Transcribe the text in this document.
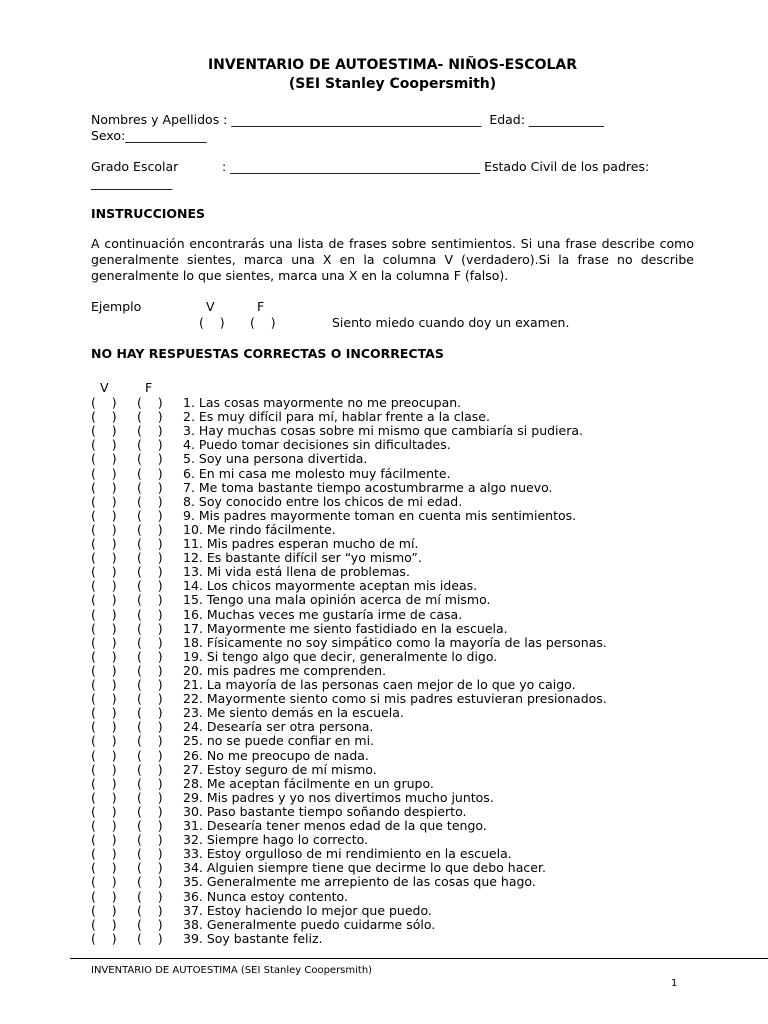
INVENTARIO DE AUTOESTIMA- NIÑOS-ESCOLAR
(SEI Stanley Coopersmith)
Nombres y Apellidos : ________________________________________  Edad: ____________
Sexo:_____________
Grado Escolar           : ________________________________________ Estado Civil de los padres:
_____________
INSTRUCCIONES
A continuación encontrarás una lista de frases sobre sentimientos. Si una frase describe como generalmente sientes, marca una X en la columna V (verdadero).Si la frase no describe generalmente lo que sientes, marca una X en la columna F (falso).
Ejemplo	V	F
(    ) (    )	Siento miedo cuando doy un examen.
NO HAY RESPUESTAS CORRECTAS O INCORRECTAS
V	F
(    ) (    ) 1. Las cosas mayormente no me preocupan.
(    ) (    ) 2. Es muy difícil para mí, hablar frente a la clase.
(    ) (    ) 3. Hay muchas cosas sobre mi mismo que cambiaría si pudiera.
(    ) (    ) 4. Puedo tomar decisiones sin dificultades.
(    ) (    ) 5. Soy una persona divertida.
(    ) (    ) 6. En mi casa me molesto muy fácilmente.
(    ) (    ) 7. Me toma bastante tiempo acostumbrarme a algo nuevo.
(    ) (    ) 8. Soy conocido entre los chicos de mi edad.
(    ) (    ) 9. Mis padres mayormente toman en cuenta mis sentimientos.
(    ) (    ) 10. Me rindo fácilmente.
(    ) (    ) 11. Mis padres esperan mucho de mí.
(    ) (    ) 12. Es bastante difícil ser “yo mismo”.
(    ) (    ) 13. Mi vida está llena de problemas.
(    ) (    ) 14. Los chicos mayormente aceptan mis ideas.
(    ) (    ) 15. Tengo una mala opinión acerca de mí mismo.
(    ) (    ) 16. Muchas veces me gustaría irme de casa.
(    ) (    ) 17. Mayormente me siento fastidiado en la escuela.
(    ) (    ) 18. Físicamente no soy simpático como la mayoría de las personas.
(    ) (    ) 19. Si tengo algo que decir, generalmente lo digo.
(    ) (    ) 20. mis padres me comprenden.
(    ) (    ) 21. La mayoría de las personas caen mejor de lo que yo caigo.
(    ) (    ) 22. Mayormente siento como si mis padres estuvieran presionados.
(    ) (    ) 23. Me siento demás en la escuela.
(    ) (    ) 24. Desearía ser otra persona.
(    ) (    ) 25. no se puede confiar en mi.
(    ) (    ) 26. No me preocupo de nada.
(    ) (    ) 27. Estoy seguro de mí mismo.
(    ) (    ) 28. Me aceptan fácilmente en un grupo.
(    ) (    ) 29. Mis padres y yo nos divertimos mucho juntos.
(    ) (    ) 30. Paso bastante tiempo soñando despierto.
(    ) (    ) 31. Desearía tener menos edad de la que tengo.
(    ) (    ) 32. Siempre hago lo correcto.
(    ) (    ) 33. Estoy orgulloso de mi rendimiento en la escuela.
(    ) (    ) 34. Alguien siempre tiene que decirme lo que debo hacer.
(    ) (    ) 35. Generalmente me arrepiento de las cosas que hago.
(    ) (    ) 36. Nunca estoy contento.
(    ) (    ) 37. Estoy haciendo lo mejor que puedo.
(    ) (    ) 38. Generalmente puedo cuidarme sólo.
(    ) (    ) 39. Soy bastante feliz.
INVENTARIO DE AUTOESTIMA (SEI Stanley Coopersmith)
1
